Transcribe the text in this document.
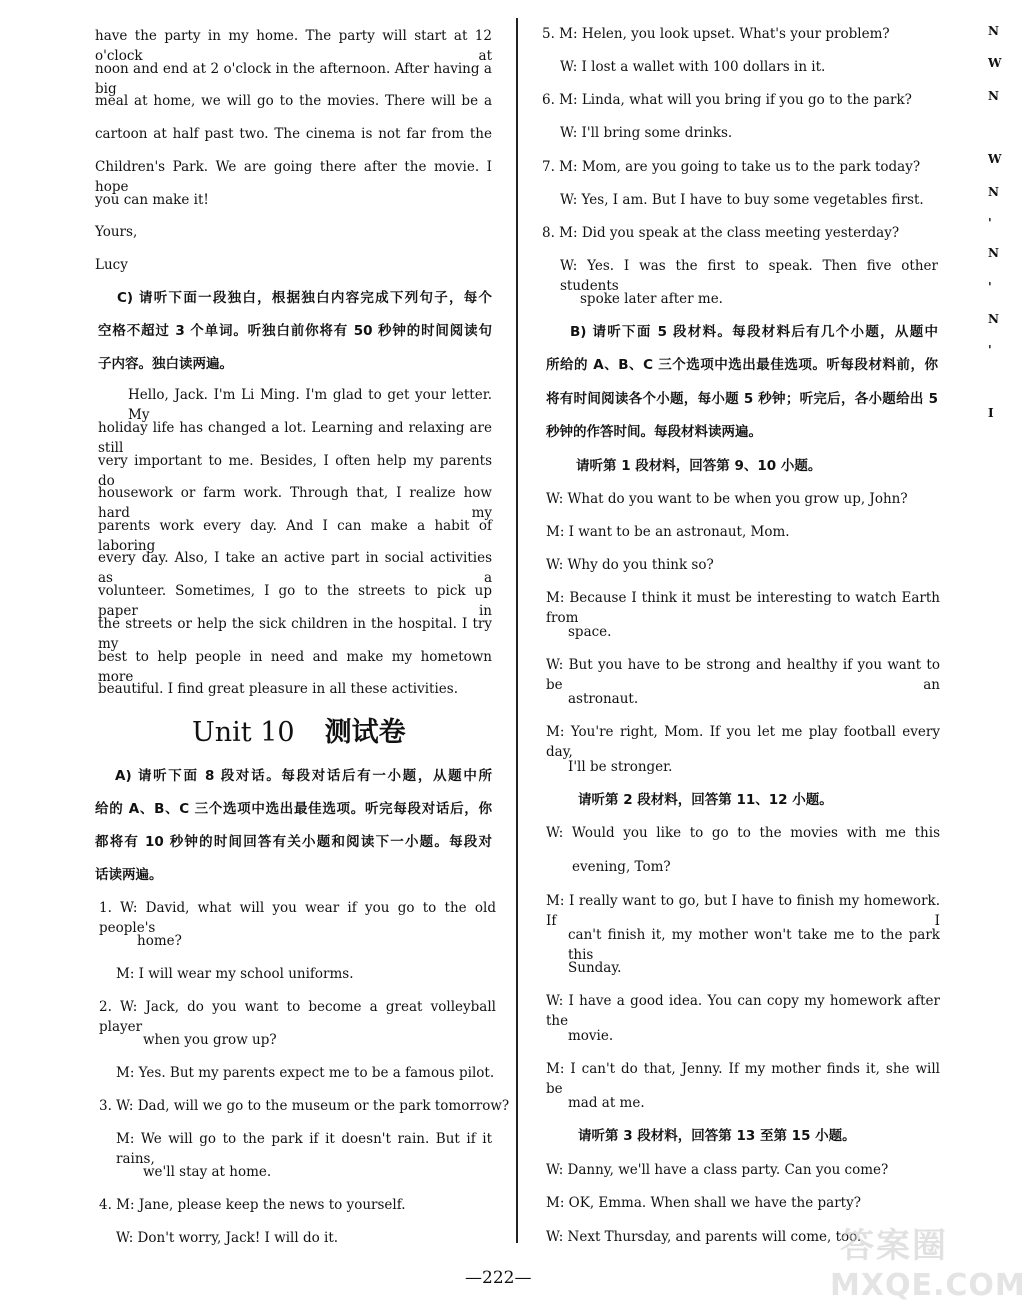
have the party in my home. The party will start at 12 o'clock at
noon and end at 2 o'clock in the afternoon. After having a big
meal at home, we will go to the movies. There will be a
cartoon at half past two. The cinema is not far from the
Children's Park. We are going there after the movie. I hope
you can make it!
Yours,
Lucy
C) 请听下面一段独白，根据独白内容完成下列句子，每个
空格不超过 3 个单词。听独白前你将有 50 秒钟的时间阅读句
子内容。独白读两遍。
Hello, Jack. I'm Li Ming. I'm glad to get your letter. My
holiday life has changed a lot. Learning and relaxing are still
very important to me. Besides, I often help my parents do
housework or farm work. Through that, I realize how hard my
parents work every day. And I can make a habit of laboring
every day. Also, I take an active part in social activities as a
volunteer. Sometimes, I go to the streets to pick up paper in
the streets or help the sick children in the hospital. I try my
best to help people in need and make my hometown more
beautiful. I find great pleasure in all these activities.
Unit 10 测试卷
A) 请听下面 8 段对话。每段对话后有一小题，从题中所
给的 A、B、C 三个选项中选出最佳选项。听完每段对话后，你
都将有 10 秒钟的时间回答有关小题和阅读下一小题。每段对
话读两遍。
1. W: David, what will you wear if you go to the old people's
home?
M: I will wear my school uniforms.
2. W: Jack, do you want to become a great volleyball player
when you grow up?
M: Yes. But my parents expect me to be a famous pilot.
3. W: Dad, will we go to the museum or the park tomorrow?
M: We will go to the park if it doesn't rain. But if it rains,
we'll stay at home.
4. M: Jane, please keep the news to yourself.
W: Don't worry, Jack! I will do it.
5. M: Helen, you look upset. What's your problem?
W: I lost a wallet with 100 dollars in it.
6. M: Linda, what will you bring if you go to the park?
W: I'll bring some drinks.
7. M: Mom, are you going to take us to the park today?
W: Yes, I am. But I have to buy some vegetables first.
8. M: Did you speak at the class meeting yesterday?
W: Yes. I was the first to speak. Then five other students
spoke later after me.
B) 请听下面 5 段材料。每段材料后有几个小题，从题中
所给的 A、B、C 三个选项中选出最佳选项。听每段材料前，你
将有时间阅读各个小题，每小题 5 秒钟；听完后，各小题给出 5
秒钟的作答时间。每段材料读两遍。
请听第 1 段材料，回答第 9、10 小题。
W: What do you want to be when you grow up, John?
M: I want to be an astronaut, Mom.
W: Why do you think so?
M: Because I think it must be interesting to watch Earth from
space.
W: But you have to be strong and healthy if you want to be an
astronaut.
M: You're right, Mom. If you let me play football every day,
I'll be stronger.
请听第 2 段材料，回答第 11、12 小题。
W: Would you like to go to the movies with me this
evening, Tom?
M: I really want to go, but I have to finish my homework. If I
can't finish it, my mother won't take me to the park this
Sunday.
W: I have a good idea. You can copy my homework after the
movie.
M: I can't do that, Jenny. If my mother finds it, she will be
mad at me.
请听第 3 段材料，回答第 13 至第 15 小题。
W: Danny, we'll have a class party. Can you come?
M: OK, Emma. When shall we have the party?
W: Next Thursday, and parents will come, too.
N
W
N
W
N
'
N
'
N
'
I
—222—
答案圈
MXQE.COM
